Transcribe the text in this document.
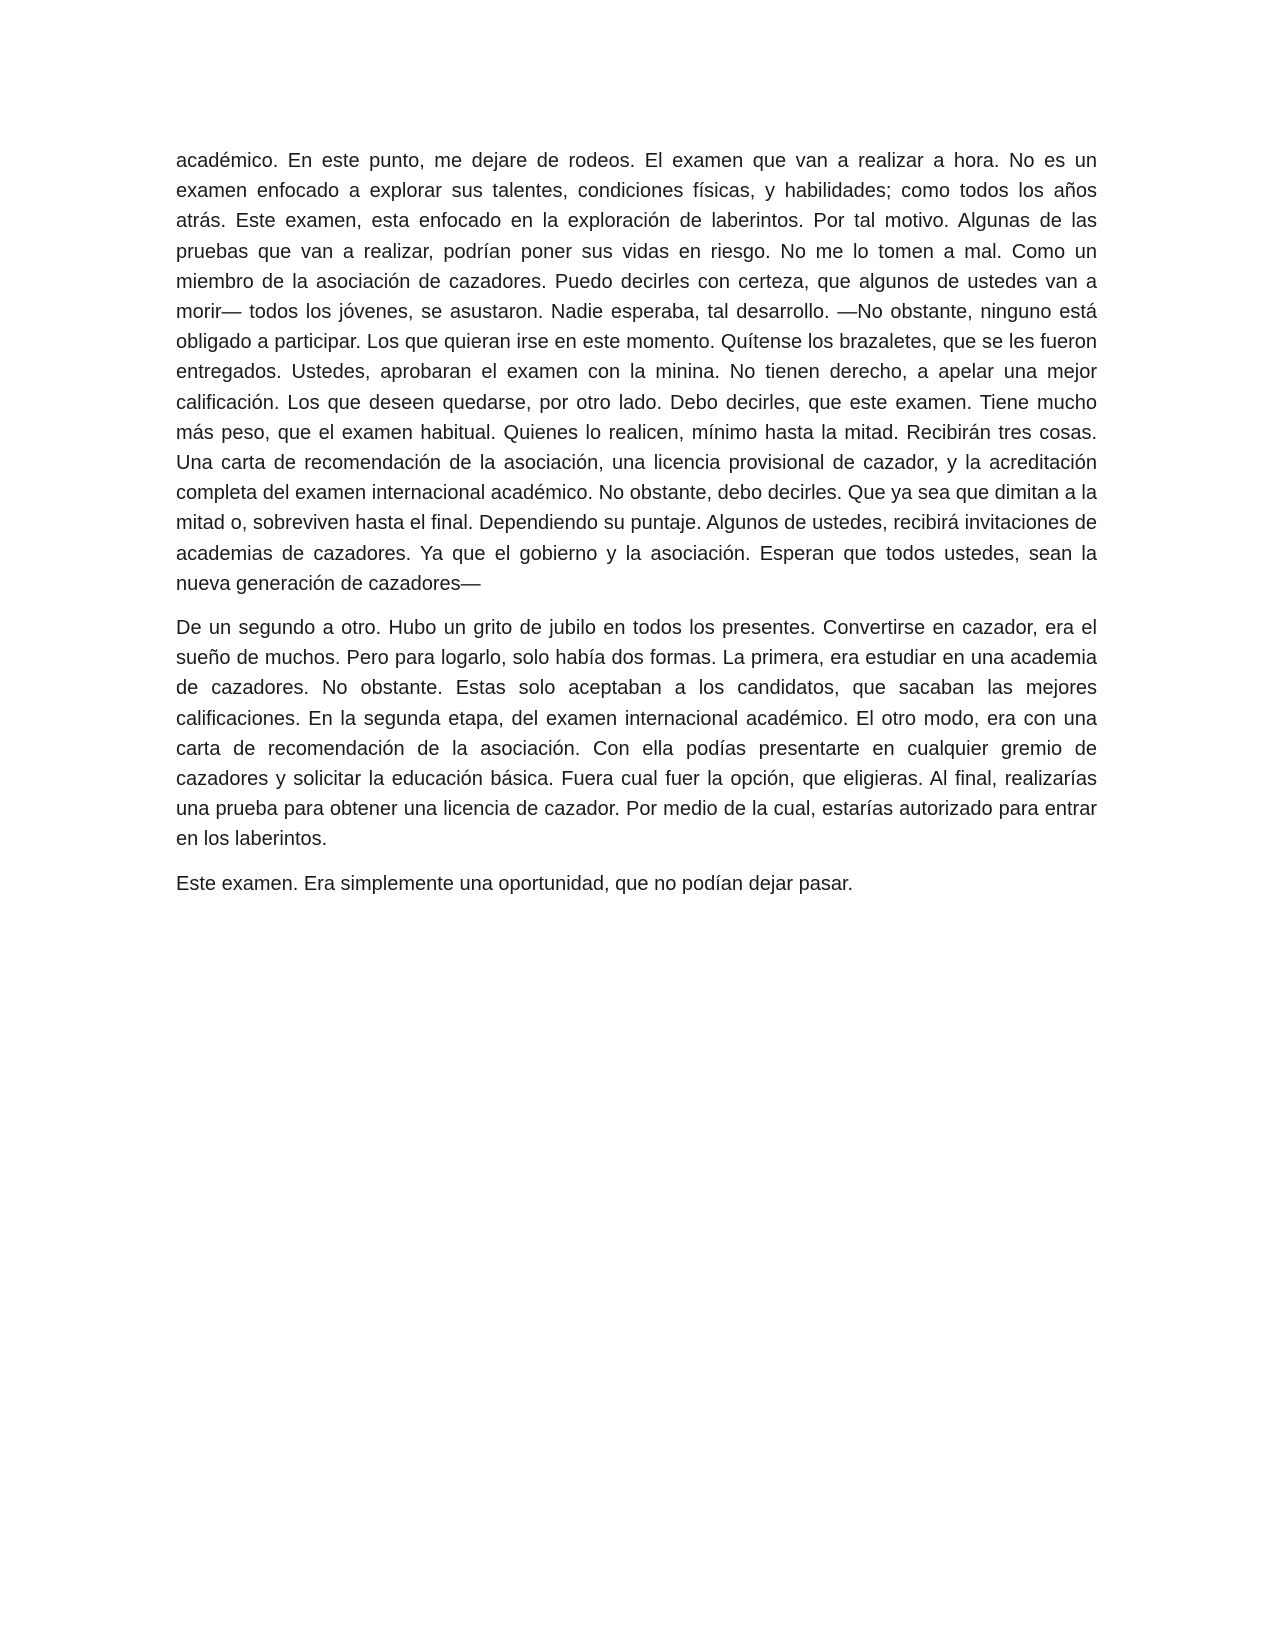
académico. En este punto, me dejare de rodeos. El examen que van a realizar a hora. No es un examen enfocado a explorar sus talentes, condiciones físicas, y habilidades; como todos los años atrás. Este examen, esta enfocado en la exploración de laberintos. Por tal motivo. Algunas de las pruebas que van a realizar, podrían poner sus vidas en riesgo. No me lo tomen a mal. Como un miembro de la asociación de cazadores. Puedo decirles con certeza, que algunos de ustedes van a morir— todos los jóvenes, se asustaron. Nadie esperaba, tal desarrollo. —No obstante, ninguno está obligado a participar. Los que quieran irse en este momento. Quítense los brazaletes, que se les fueron entregados. Ustedes, aprobaran el examen con la minina. No tienen derecho, a apelar una mejor calificación. Los que deseen quedarse, por otro lado. Debo decirles, que este examen. Tiene mucho más peso, que el examen habitual. Quienes lo realicen, mínimo hasta la mitad. Recibirán tres cosas. Una carta de recomendación de la asociación, una licencia provisional de cazador, y la acreditación completa del examen internacional académico. No obstante, debo decirles. Que ya sea que dimitan a la mitad o, sobreviven hasta el final. Dependiendo su puntaje. Algunos de ustedes, recibirá invitaciones de academias de cazadores. Ya que el gobierno y la asociación. Esperan que todos ustedes, sean la nueva generación de cazadores—

De un segundo a otro. Hubo un grito de jubilo en todos los presentes. Convertirse en cazador, era el sueño de muchos. Pero para logarlo, solo había dos formas. La primera, era estudiar en una academia de cazadores. No obstante. Estas solo aceptaban a los candidatos, que sacaban las mejores calificaciones. En la segunda etapa, del examen internacional académico. El otro modo, era con una carta de recomendación de la asociación. Con ella podías presentarte en cualquier gremio de cazadores y solicitar la educación básica. Fuera cual fuer la opción, que eligieras. Al final, realizarías una prueba para obtener una licencia de cazador. Por medio de la cual, estarías autorizado para entrar en los laberintos.

Este examen. Era simplemente una oportunidad, que no podían dejar pasar.
